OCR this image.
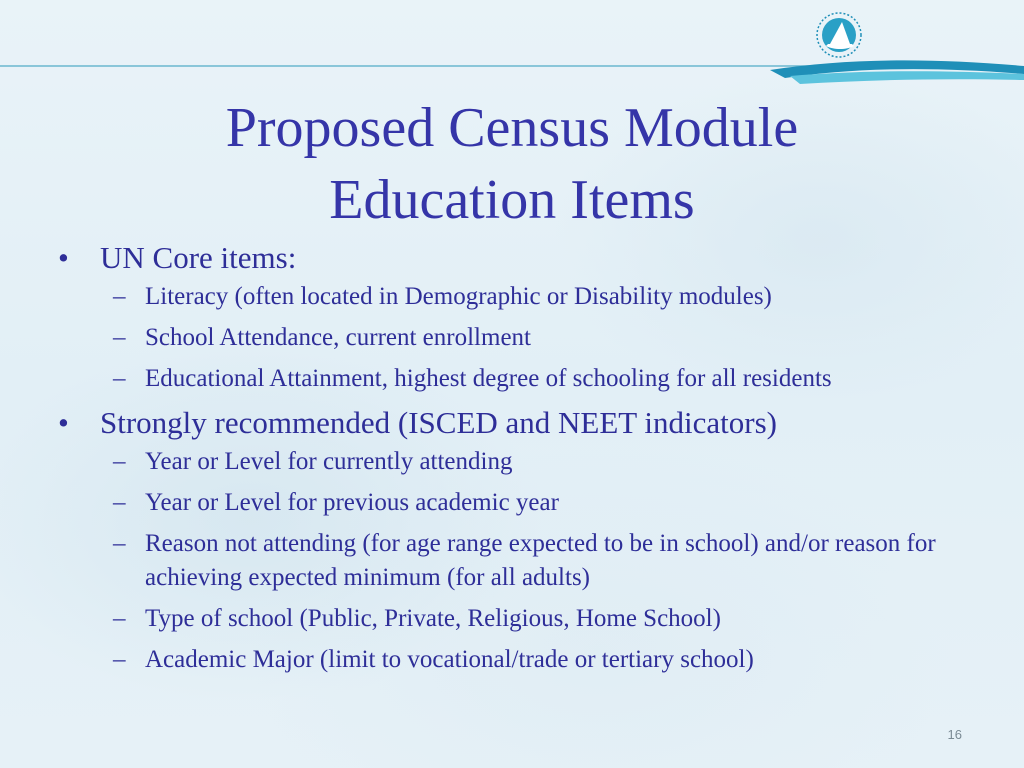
Proposed Census Module
Education Items
• UN Core items:
– Literacy (often located in Demographic or Disability modules)
– School Attendance, current enrollment
– Educational Attainment, highest degree of schooling for all residents
• Strongly recommended (ISCED and NEET indicators)
– Year or Level for currently attending
– Year or Level for previous academic year
– Reason not attending (for age range expected to be in school) and/or reason for achieving expected minimum (for all adults)
– Type of school (Public, Private, Religious, Home School)
– Academic Major (limit to vocational/trade or tertiary school)
16
